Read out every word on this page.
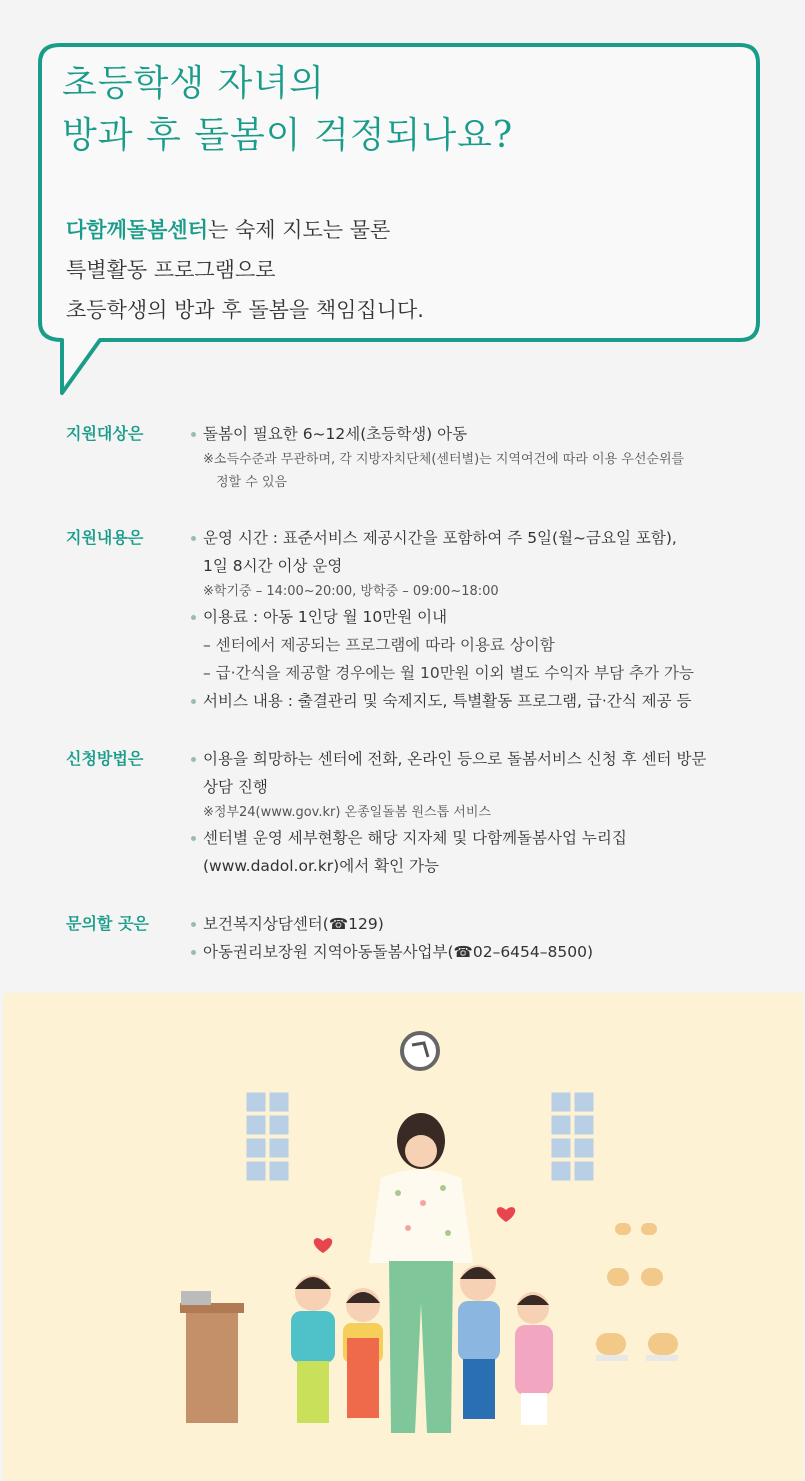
초등학생 자녀의
방과 후 돌봄이 걱정되나요?
다함께돌봄센터는 숙제 지도는 물론
특별활동 프로그램으로
초등학생의 방과 후 돌봄을 책임집니다.
지원대상은	돌봄이 필요한 6~12세(초등학생) 아동
※소득수준과 무관하며, 각 지방자치단체(센터별)는 지역여건에 따라 이용 우선순위를
정할 수 있음
지원내용은	운영 시간 : 표준서비스 제공시간을 포함하여 주 5일(월~금요일 포함),
1일 8시간 이상 운영
※학기중 – 14:00~20:00, 방학중 – 09:00~18:00
이용료 : 아동 1인당 월 10만원 이내
– 센터에서 제공되는 프로그램에 따라 이용료 상이함
– 급·간식을 제공할 경우에는 월 10만원 이외 별도 수익자 부담 추가 가능
서비스 내용 : 출결관리 및 숙제지도, 특별활동 프로그램, 급·간식 제공 등
신청방법은	이용을 희망하는 센터에 전화, 온라인 등으로 돌봄서비스 신청 후 센터 방문
상담 진행
※정부24(www.gov.kr) 온종일돌봄 원스톱 서비스
센터별 운영 세부현황은 해당 지자체 및 다함께돌봄사업 누리집
(www.dadol.or.kr)에서 확인 가능
문의할 곳은	보건복지상담센터(☎129)
아동권리보장원 지역아동돌봄사업부(☎02–6454–8500)
